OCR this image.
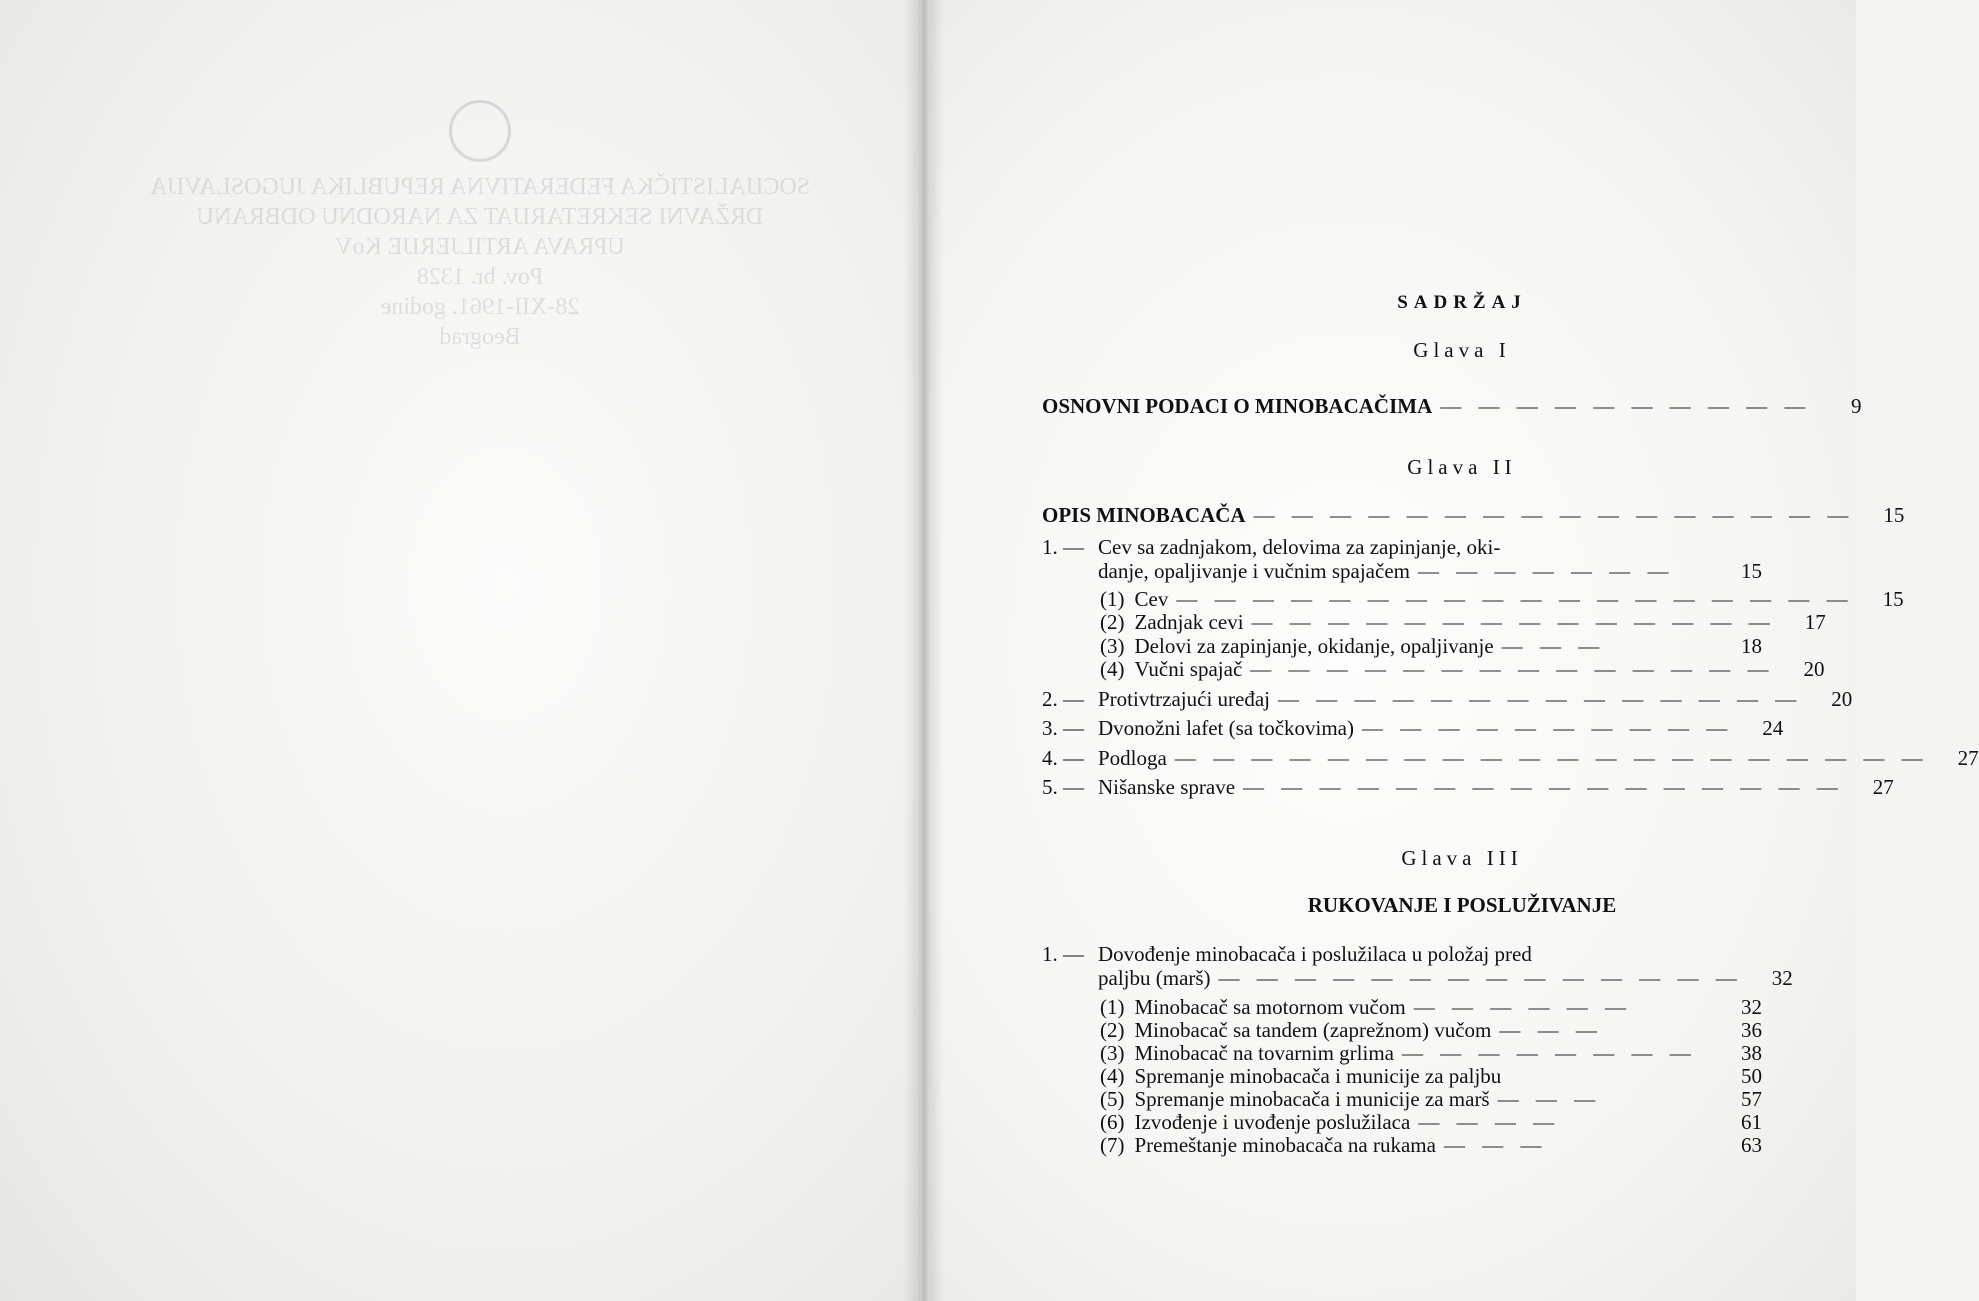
SOCIJALISTIČKA FEDERATIVNA REPUBLIKA JUGOSLAVIJA
DRŽAVNI SEKRETARIJAT ZA NARODNU ODBRANU
UPRAVA ARTILJERIJE KoV
Pov. br. 1328
28-XII-1961. godine
Beograd
SADRŽAJ
Glava I
OSNOVNI PODACI O MINOBACAČIMA — — — — — — — — — —	9
Glava II
OPIS MINOBACAČA — — — — — — — — — — — — — — — —	15
1. — Cev sa zadnjakom, delovima za zapinjanje, oki-
danje, opaljivanje i vučnim spajačem — — — — — — —	15
(1) Cev — — — — — — — — — — — — — — — — — —	15
(2) Zadnjak cevi — — — — — — — — — — — — — —	17
(3) Delovi za zapinjanje, okidanje, opaljivanje — — —	18
(4) Vučni spajač — — — — — — — — — — — — — —	20
2. — Protivtrzajući uređaj — — — — — — — — — — — — — —	20
3. — Dvonožni lafet (sa točkovima) — — — — — — — — — —	24
4. — Podloga — — — — — — — — — — — — — — — — — — — —	27
5. — Nišanske sprave — — — — — — — — — — — — — — — —	27
Glava III
RUKOVANJE I POSLUŽIVANJE
1. — Dovođenje minobacača i poslužilaca u položaj pred
paljbu (marš) — — — — — — — — — — — — — —	32
(1) Minobacač sa motornom vučom — — — — — —	32
(2) Minobacač sa tandem (zaprežnom) vučom — — —	36
(3) Minobacač na tovarnim grlima — — — — — — — —	38
(4) Spremanje minobacača i municije za paljbu	50
(5) Spremanje minobacača i municije za marš — — —	57
(6) Izvođenje i uvođenje poslužilaca — — — —	61
(7) Premeštanje minobacača na rukama — — —	63
